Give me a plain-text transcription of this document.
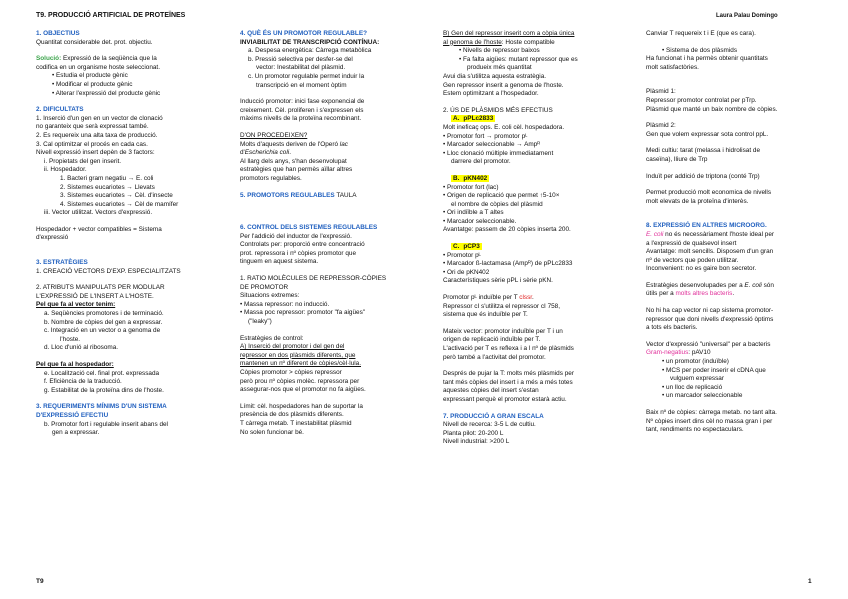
T9. PRODUCCIÓ ARTIFICIAL DE PROTEÏNES	Laura Palau Domingo

1. OBJECTIUS

Quantitat considerable det. prot. objectiu.

Solució: Expressió de la seqüència que la

codifica en un organisme hoste seleccionat.

• Estudia el producte gènic

• Modificar el producte gènic

• Alterar l'expressió del producte gènic

2. DIFICULTATS

1. Inserció d'un gen en un vector de clonació

no garanteix que serà expressat també.

2. Es requereix una alta taxa de producció.

3. Cal optimitzar el procés en cada cas.

Nivell expressió insert depèn de 3 factors:

i. Propietats del gen inserit.

ii. Hospedador.

1. Bacteri gram negatiu → E. coli

2. Sistemes eucariotes → Llevats

3. Sistemes eucariotes → Cèl. d'insecte

4. Sistemes eucariotes → Cèl de mamífer

iii. Vector utilitzat. Vectors d'expressió.

Hospedador + vector compatibles = Sistema

d'expressió

3. ESTRATÈGIES

1. CREACIÓ VECTORS D'EXP. ESPECIALITZATS

2. ATRIBUTS MANIPULATS PER MODULAR

L'EXPRESSIÓ DE L'INSERT A L'HOSTE.

Pel que fa al vector tenim:

a. Seqüències promotores i de terminació.

b. Nombre de còpies del gen a expressar.

c. Integració en un vector o a genoma de

l'hoste.

d. Lloc d'unió al ribosoma.

Pel que fa al hospedador:

e. Localització cel. final prot. expressada

f. Eficiència de la traducció.

g. Estabilitat de la proteïna dins de l'hoste.

3. REQUERIMENTS MÍNIMS D'UN SISTEMA

D'EXPRESSIÓ EFECTIU

b. Promotor fort i regulable inserit abans del

gen a expressar.

4. QUÈ ÉS UN PROMOTOR REGULABLE?

INVIABILITAT DE TRANSCRIPCIÓ CONTÍNUA:

a. Despesa energètica: Càrrega metabòlica

b. Pressió selectiva per desfer-se del

vector: Inestabilitat del plàsmid.

c. Un promotor regulable permet induir la

transcripció en el moment òptim

Inducció promotor: inici fase exponencial de

creixement. Cèl. proliferen i s'expressen els

màxims nivells de la proteïna recombinant.

D'ON PROCEDEIXEN?

Molts d'aquests deriven de l'Operó lac

d'Escherichia coli.

Al llarg dels anys, s'han desenvolupat

estratègies que han permès aïllar altres

promotors regulables.

5. PROMOTORS REGULABLES TAULA

6. CONTROL DELS SISTEMES REGULABLES

Per l'addició del inductor de l'expressió.

Controlats per: proporció entre concentració

prot. repressora i nº còpies promotor que

tinguem en aquest sistema.

1. RATIO MOLÈCULES DE REPRESSOR-CÒPIES

DE PROMOTOR

Situacions extremes:

• Massa repressor: no inducció.

• Massa poc repressor: promotor "fa aigües"

("leaky")

Estratègies de control:

A) Inserció del promotor i del gen del

repressor en dos plàsmids diferents, que

mantenen un nº diferent de còpies/cèl·lula.

Còpies promotor > còpies repressor

però prou nº còpies molèc. repressora per

assegurar-nos que el promotor no fa aigües.

Límit: cèl. hospedadores han de suportar la

presència de dos plàsmids diferents.

T càrrega metab. T inestabilitat plàsmid

No solen funcionar bé.

B) Gen del repressor inserit com a còpia única

al genoma de l'hoste: Hoste compatible

• Nivells de repressor baixos

• Fa falta aigües: mutant repressor que es

produeix més quantitat

Avui dia s'utilitza aquesta estratègia.

Gen repressor inserit a genoma de l'hoste.

Estem optimitzant a l'hospedador.

2. ÚS DE PLÀSMIDS MÉS EFECTIUS

A. pPLc2833

Molt ineficaç ops. E. coli cèl. hospedadora.

• Promotor fort → promotor pᴸ

• Marcador seleccionable → Ampᴿ

• Lloc clonació múltiple immediatament

darrere del promotor.

B. pKN402

• Promotor fort (lac)

• Origen de replicació que permet ↑5-10×

el nombre de còpies del plàsmid

• Ori indiïble a T altes

• Marcador seleccionable.

Avantatge: passem de 20 còpies inserta 200.

C. pCP3

• Promotor pᴸ

• Marcador ß-lactamasa (Ampᴿ) de pPLc2833

• Ori de pKN402

Característiques sèrie pPL i sèrie pKN.

Promotor pᴸ induïble per T clssr.

Repressor cI s'utilitza el repressor cI 758,

sistema que és induïble per T.

Mateix vector: promotor induïble per T i un

origen de replicació induïble per T.

L'activació per T es reflexa i a l nº de plàsmids

però també a l'activitat del promotor.

Després de pujar la T: molts més plàsmids per

tant més còpies del insert i a més a més totes

aquestes còpies del insert s'estan

expressant perquè el promotor estarà actiu.

7. PRODUCCIÓ A GRAN ESCALA

Nivell de recerca: 3-5 L de cultiu.

Planta pilot: 20-200 L

Nivell industrial: >200 L

Canviar T requereix t i E (que es cara).

• Sistema de dos plàsmids

Ha funcionat i ha permès obtenir quantitats

molt satisfactòries.

Plàsmid 1:

Repressor promotor controlat per pTrp.

Plàsmid que manté un baix nombre de còpies.

Plàsmid 2:

Gen que volem expressar sota control ppL.

Medi cultiu: tarat (melassa i hidrolisat de

caseïna), lliure de Trp

Induït per addició de triptona (conté Trp)

Permet producció molt economica de nivells

molt elevats de la proteïna d'interès.

8. EXPRESSIÓ EN ALTRES MICROORG.

E. coli no és necessàriament l'hoste ideal per

a l'expressió de qualsevol insert

Avantatge: molt sencills. Disposem d'un gran

nº de vectors que poden utilitzar.

Inconvenient: no es gaire bon secretor.

Estratègies desenvolupades per a E. coli són

útils per a molts altres bacteris.

No hi ha cap vector ni cap sistema promotor-

repressor que doni nivells d'expressió òptims

a tots els bacteris.

Vector d'expressió "universal" per a bacteris

Gram-negatius: pAV10

• un promotor (induïble)

• MCS per poder inserir el cDNA que

vulguem expressar

• un lloc de replicació

• un marcador seleccionable

Baix nº de còpies: càrrega metab. no tant alta.

Nº còpies insert dins cèl no massa gran i per

tant, rendiments no espectaculars.

T9	1
